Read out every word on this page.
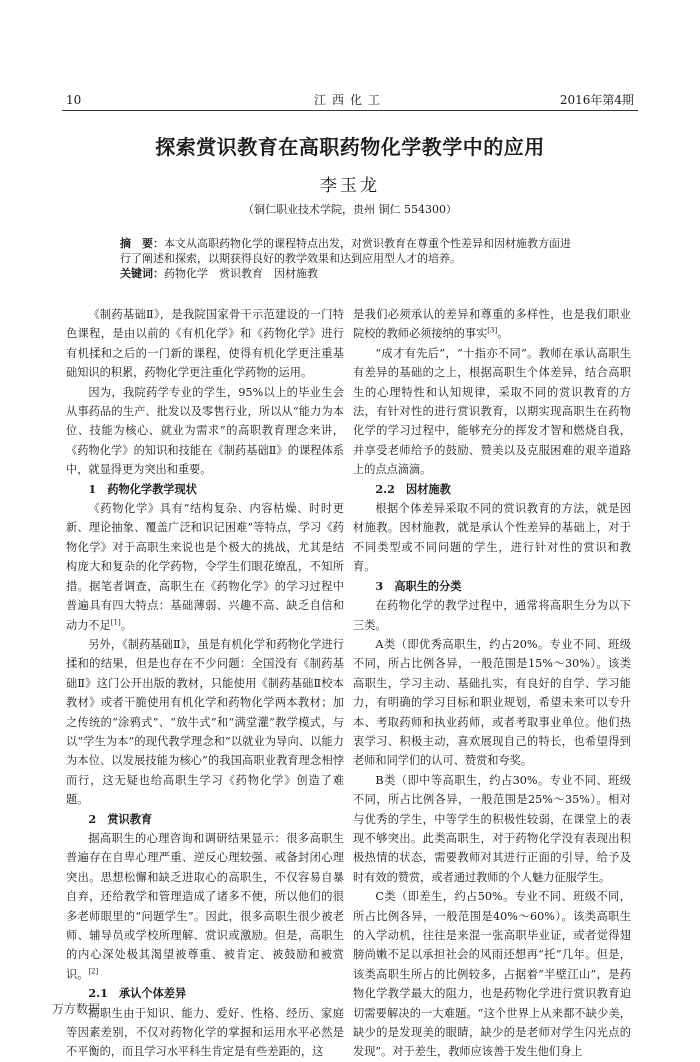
10	江西化工	2016年第4期
探索赏识教育在高职药物化学教学中的应用
李玉龙
（铜仁职业技术学院，贵州 铜仁 554300）

摘　要：本文从高职药物化学的课程特点出发，对赏识教育在尊重个性差异和因材施教方面进行了阐述和探索，以期获得良好的教学效果和达到应用型人才的培养。

关键词：药物化学　赏识教育　因材施教

《制药基础Ⅱ》，是我院国家骨干示范建设的一门特色课程，是由以前的《有机化学》和《药物化学》进行有机揉和之后的一门新的课程，使得有机化学更注重基础知识的积累，药物化学更注重化学药物的运用。

因为，我院药学专业的学生，95%以上的毕业生会从事药品的生产、批发以及零售行业，所以从“能力为本位、技能为核心、就业为需求”的高职教育理念来讲，《药物化学》的知识和技能在《制药基础Ⅱ》的课程体系中，就显得更为突出和重要。

1　药物化学教学现状

《药物化学》具有“结构复杂、内容枯燥、时时更新、理论抽象、覆盖广泛和识记困难”等特点，学习《药物化学》对于高职生来说也是个极大的挑战，尤其是结构庞大和复杂的化学药物，令学生们眼花缭乱，不知所措。据笔者调查，高职生在《药物化学》的学习过程中普遍具有四大特点：基础薄弱、兴趣不高、缺乏自信和动力不足[1]。

另外，《制药基础Ⅱ》，虽是有机化学和药物化学进行揉和的结果，但是也存在不少问题：全国没有《制药基础Ⅱ》这门公开出版的教材，只能使用《制药基础Ⅱ校本教材》或者干脆使用有机化学和药物化学两本教材；加之传统的“涂鸦式”、“放牛式”和“满堂灌”教学模式，与以“学生为本”的现代教学理念和“以就业为导向、以能力为本位、以发展技能为核心”的我国高职业教育理念相悖而行，这无疑也给高职生学习《药物化学》创造了难题。

2　赏识教育

据高职生的心理咨询和调研结果显示：很多高职生普遍存在自卑心理严重、逆反心理较强、戒备封闭心理突出。思想松懈和缺乏进取心的高职生，不仅容易自暴自弃，还给教学和管理造成了诸多不便，所以他们的很多老师眼里的“问题学生”。因此，很多高职生很少被老师、辅导员或学校所理解、赏识或激励。但是，高职生的内心深处极其渴望被尊重、被肯定、被鼓励和被赏识。[2]

2.1　承认个体差异

高职生由于知识、能力、爱好、性格、经历、家庭等因素差别，不仅对药物化学的掌握和运用水平必然是不平衡的，而且学习水平科生肯定是有些差距的，这

是我们必须承认的差异和尊重的多样性，也是我们职业院校的教师必须接纳的事实[3]。

“成才有先后”，“十指亦不同”。教师在承认高职生有差异的基础的之上，根据高职生个体差异，结合高职生的心理特性和认知规律，采取不同的赏识教育的方法，有针对性的进行赏识教育，以期实现高职生在药物化学的学习过程中，能够充分的挥发才智和燃烧自我，并享受老师给予的鼓励、赞美以及克服困难的艰辛道路上的点点滴滴。

2.2　因材施教

根据个体差异采取不同的赏识教育的方法，就是因材施教。因材施教，就是承认个性差异的基础上，对于不同类型或不同问题的学生，进行针对性的赏识和教育。

3　高职生的分类

在药物化学的教学过程中，通常将高职生分为以下三类。

A类（即优秀高职生，约占20%。专业不同、班级不同，所占比例各异，一般范围是15%～30%）。该类高职生，学习主动、基础扎实，有良好的自学、学习能力，有明确的学习目标和职业规划，希望未来可以专升本、考取药师和执业药师，或者考取事业单位。他们热衷学习、积极主动，喜欢展现自己的特长，也希望得到老师和同学们的认可、赞赏和夸奖。

B类（即中等高职生，约占30%。专业不同、班级不同，所占比例各异，一般范围是25%～35%）。相对与优秀的学生，中等学生的积极性较弱，在课堂上的表现不够突出。此类高职生，对于药物化学没有表现出积极热情的状态，需要教师对其进行正面的引导，给予及时有效的赞赏，或者通过教师的个人魅力征服学生。

C类（即差生，约占50%。专业不同、班级不同，所占比例各异，一般范围是40%～60%）。该类高职生的入学动机，往往是来混一张高职毕业证，或者觉得翅膀尚嫩不足以承担社会的风雨还想再“托”几年。但是，该类高职生所占的比例较多，占据着“半壁江山”，是药物化学教学最大的阻力，也是药物化学进行赏识教育迫切需要解决的一大难题。“这个世界上从来都不缺少美，缺少的是发现美的眼睛，缺少的是老师对学生闪光点的发现”。对于差生，教师应该善于发生他们身上

万方数据
